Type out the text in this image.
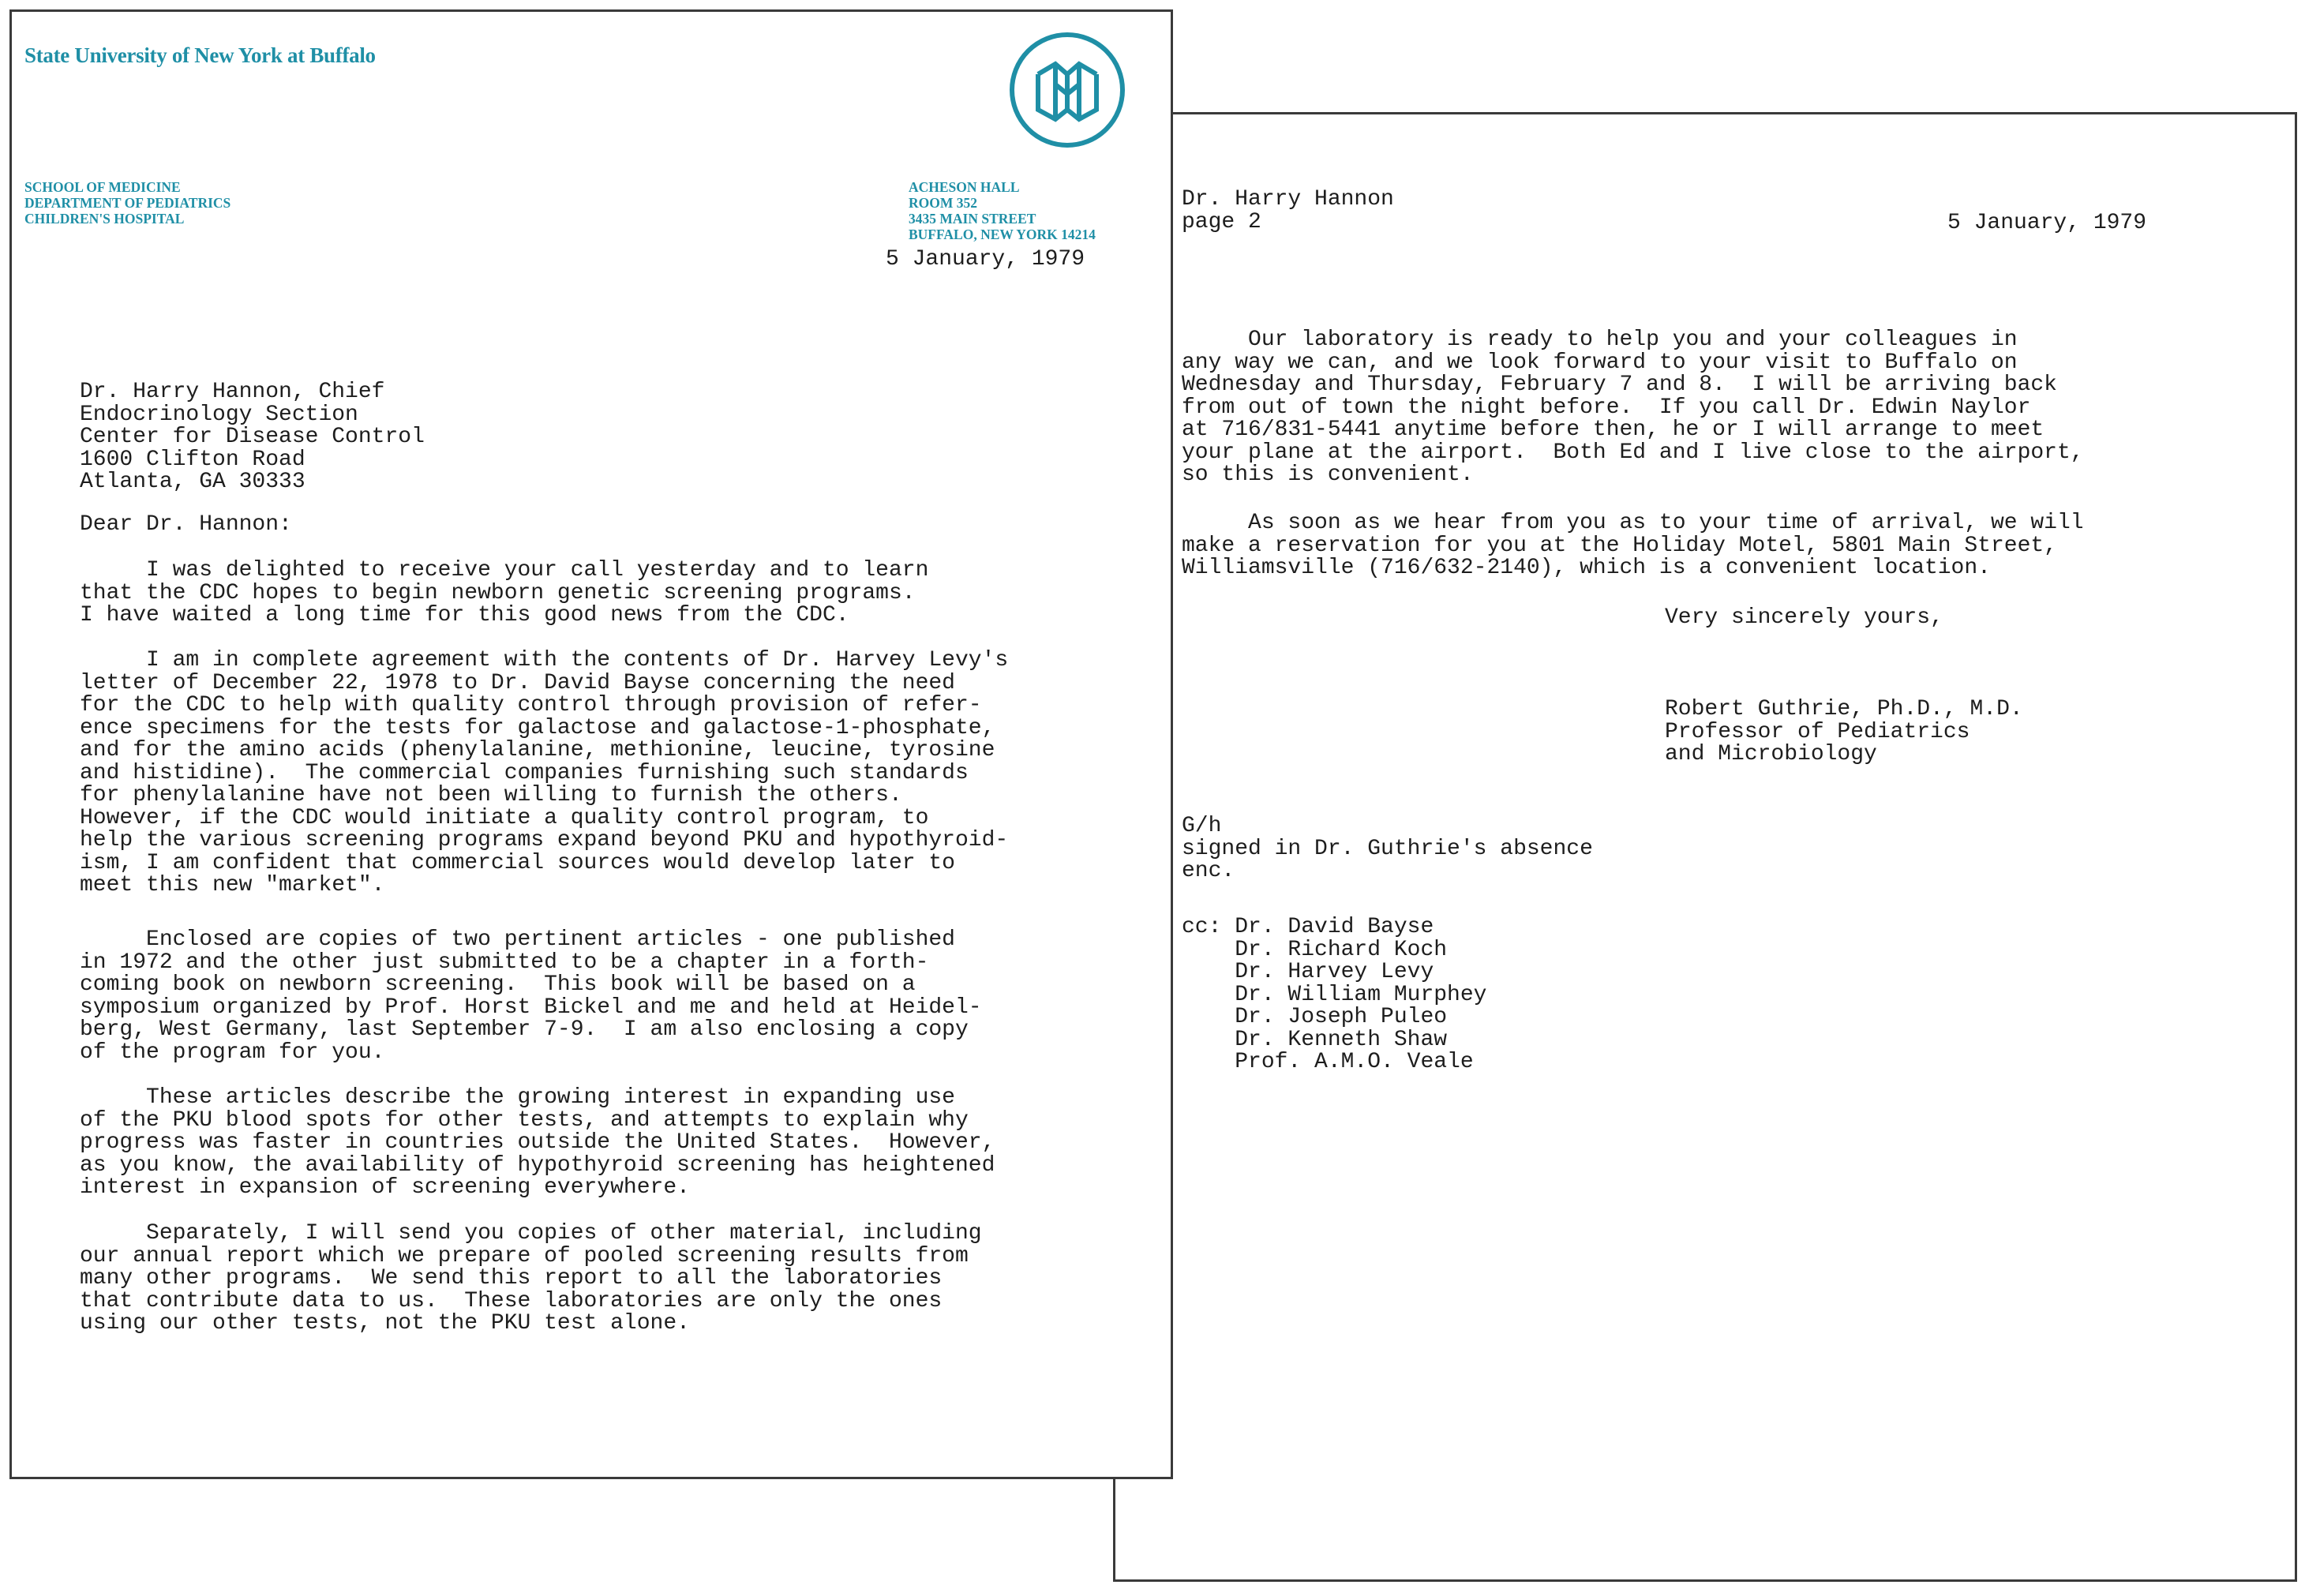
Dr. Harry Hannon
page 2	5 January, 1979
Our laboratory is ready to help you and your colleagues in
any way we can, and we look forward to your visit to Buffalo on
Wednesday and Thursday, February 7 and 8.  I will be arriving back
from out of town the night before.  If you call Dr. Edwin Naylor
at 716/831-5441 anytime before then, he or I will arrange to meet
your plane at the airport.  Both Ed and I live close to the airport,
so this is convenient.
As soon as we hear from you as to your time of arrival, we will
make a reservation for you at the Holiday Motel, 5801 Main Street,
Williamsville (716/632-2140), which is a convenient location.
Very sincerely yours,
Robert Guthrie, Ph.D., M.D.
Professor of Pediatrics
and Microbiology
G/h
signed in Dr. Guthrie's absence
enc.
cc: Dr. David Bayse
Dr. Richard Koch
Dr. Harvey Levy
Dr. William Murphey
Dr. Joseph Puleo
Dr. Kenneth Shaw
Prof. A.M.O. Veale
State University of New York at Buffalo
SCHOOL OF MEDICINE
DEPARTMENT OF PEDIATRICS
CHILDREN'S HOSPITAL
ACHESON HALL
ROOM 352
3435 MAIN STREET
BUFFALO, NEW YORK 14214
5 January, 1979
Dr. Harry Hannon, Chief
Endocrinology Section
Center for Disease Control
1600 Clifton Road
Atlanta, GA 30333
Dear Dr. Hannon:
I was delighted to receive your call yesterday and to learn
that the CDC hopes to begin newborn genetic screening programs.
I have waited a long time for this good news from the CDC.
I am in complete agreement with the contents of Dr. Harvey Levy's
letter of December 22, 1978 to Dr. David Bayse concerning the need
for the CDC to help with quality control through provision of refer-
ence specimens for the tests for galactose and galactose-1-phosphate,
and for the amino acids (phenylalanine, methionine, leucine, tyrosine
and histidine).  The commercial companies furnishing such standards
for phenylalanine have not been willing to furnish the others.
However, if the CDC would initiate a quality control program, to
help the various screening programs expand beyond PKU and hypothyroid-
ism, I am confident that commercial sources would develop later to
meet this new "market".
Enclosed are copies of two pertinent articles - one published
in 1972 and the other just submitted to be a chapter in a forth-
coming book on newborn screening.  This book will be based on a
symposium organized by Prof. Horst Bickel and me and held at Heidel-
berg, West Germany, last September 7-9.  I am also enclosing a copy
of the program for you.
These articles describe the growing interest in expanding use
of the PKU blood spots for other tests, and attempts to explain why
progress was faster in countries outside the United States.  However,
as you know, the availability of hypothyroid screening has heightened
interest in expansion of screening everywhere.
Separately, I will send you copies of other material, including
our annual report which we prepare of pooled screening results from
many other programs.  We send this report to all the laboratories
that contribute data to us.  These laboratories are only the ones
using our other tests, not the PKU test alone.
